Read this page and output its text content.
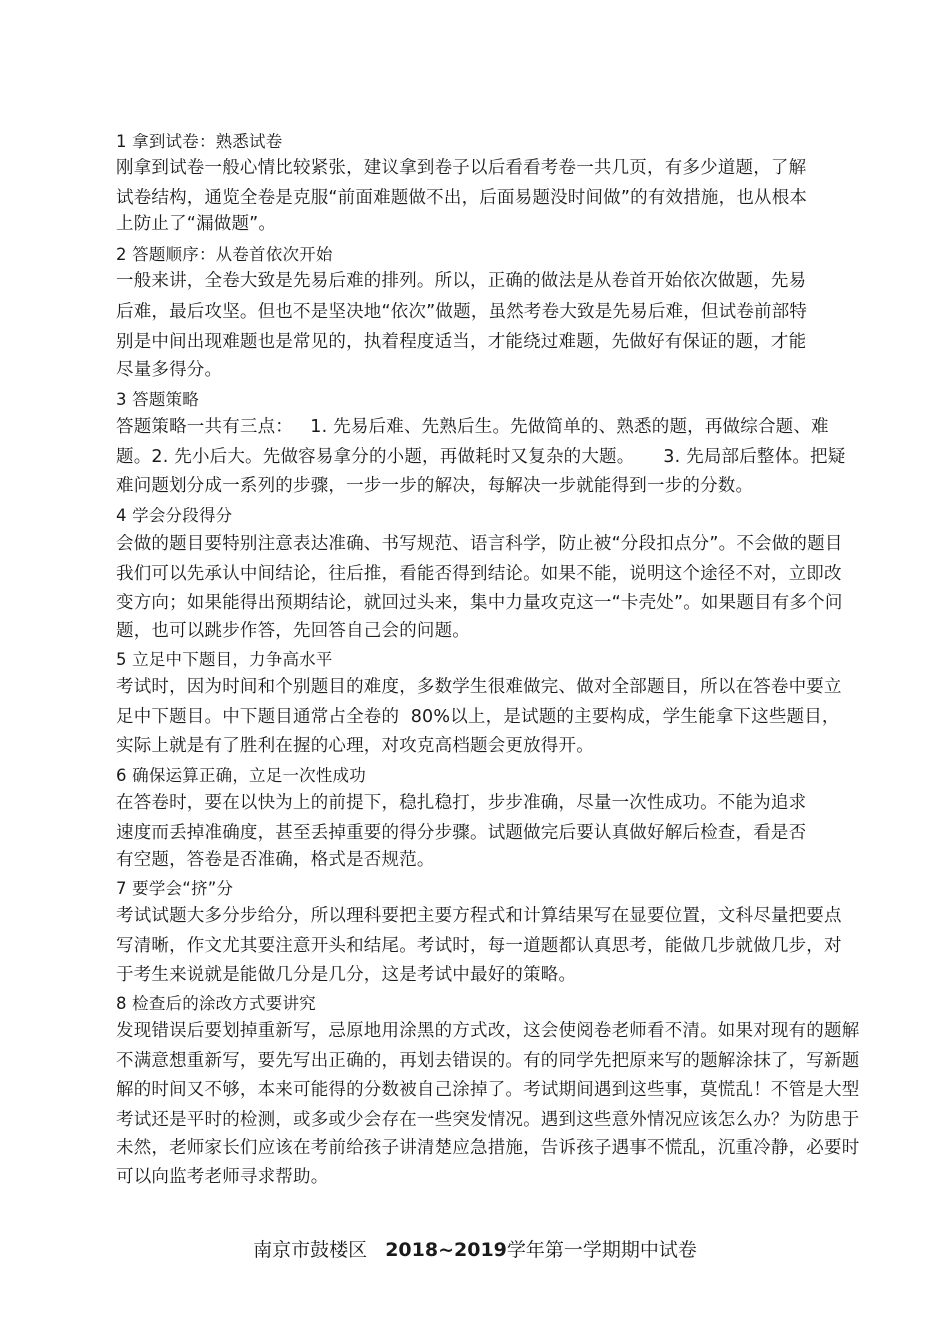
1 拿到试卷：熟悉试卷
刚拿到试卷一般心情比较紧张，建议拿到卷子以后看看考卷一共几页，有多少道题，了解
试卷结构，通览全卷是克服“前面难题做不出，后面易题没时间做”的有效措施，也从根本
上防止了“漏做题”。
2 答题顺序：从卷首依次开始
一般来讲，全卷大致是先易后难的排列。所以，正确的做法是从卷首开始依次做题，先易
后难，最后攻坚。但也不是坚决地“依次”做题，虽然考卷大致是先易后难，但试卷前部特
别是中间出现难题也是常见的，执着程度适当，才能绕过难题，先做好有保证的题，才能
尽量多得分。
3 答题策略
答题策略一共有三点：   1. 先易后难、先熟后生。先做简单的、熟悉的题，再做综合题、难
题。2. 先小后大。先做容易拿分的小题，再做耗时又复杂的大题。     3. 先局部后整体。把疑
难问题划分成一系列的步骤，一步一步的解决，每解决一步就能得到一步的分数。
4 学会分段得分
会做的题目要特别注意表达准确、书写规范、语言科学，防止被“分段扣点分”。不会做的题目
我们可以先承认中间结论，往后推，看能否得到结论。如果不能，说明这个途径不对，立即改
变方向；如果能得出预期结论，就回过头来，集中力量攻克这一“卡壳处”。如果题目有多个问
题，也可以跳步作答，先回答自己会的问题。
5 立足中下题目，力争高水平
考试时，因为时间和个别题目的难度，多数学生很难做完、做对全部题目，所以在答卷中要立
足中下题目。中下题目通常占全卷的  80%以上，是试题的主要构成，学生能拿下这些题目，
实际上就是有了胜利在握的心理，对攻克高档题会更放得开。
6 确保运算正确，立足一次性成功
在答卷时，要在以快为上的前提下，稳扎稳打，步步准确，尽量一次性成功。不能为追求
速度而丢掉准确度，甚至丢掉重要的得分步骤。试题做完后要认真做好解后检查，看是否
有空题，答卷是否准确，格式是否规范。
7 要学会“挤”分
考试试题大多分步给分，所以理科要把主要方程式和计算结果写在显要位置，文科尽量把要点
写清晰，作文尤其要注意开头和结尾。考试时，每一道题都认真思考，能做几步就做几步，对
于考生来说就是能做几分是几分，这是考试中最好的策略。
8 检查后的涂改方式要讲究
发现错误后要划掉重新写，忌原地用涂黑的方式改，这会使阅卷老师看不清。如果对现有的题解
不满意想重新写，要先写出正确的，再划去错误的。有的同学先把原来写的题解涂抹了，写新题
解的时间又不够，本来可能得的分数被自己涂掉了。考试期间遇到这些事，莫慌乱！不管是大型
考试还是平时的检测，或多或少会存在一些突发情况。遇到这些意外情况应该怎么办？为防患于
未然，老师家长们应该在考前给孩子讲清楚应急措施，告诉孩子遇事不慌乱，沉重冷静，必要时
可以向监考老师寻求帮助。
南京市鼓楼区   2018~2019学年第一学期期中试卷
